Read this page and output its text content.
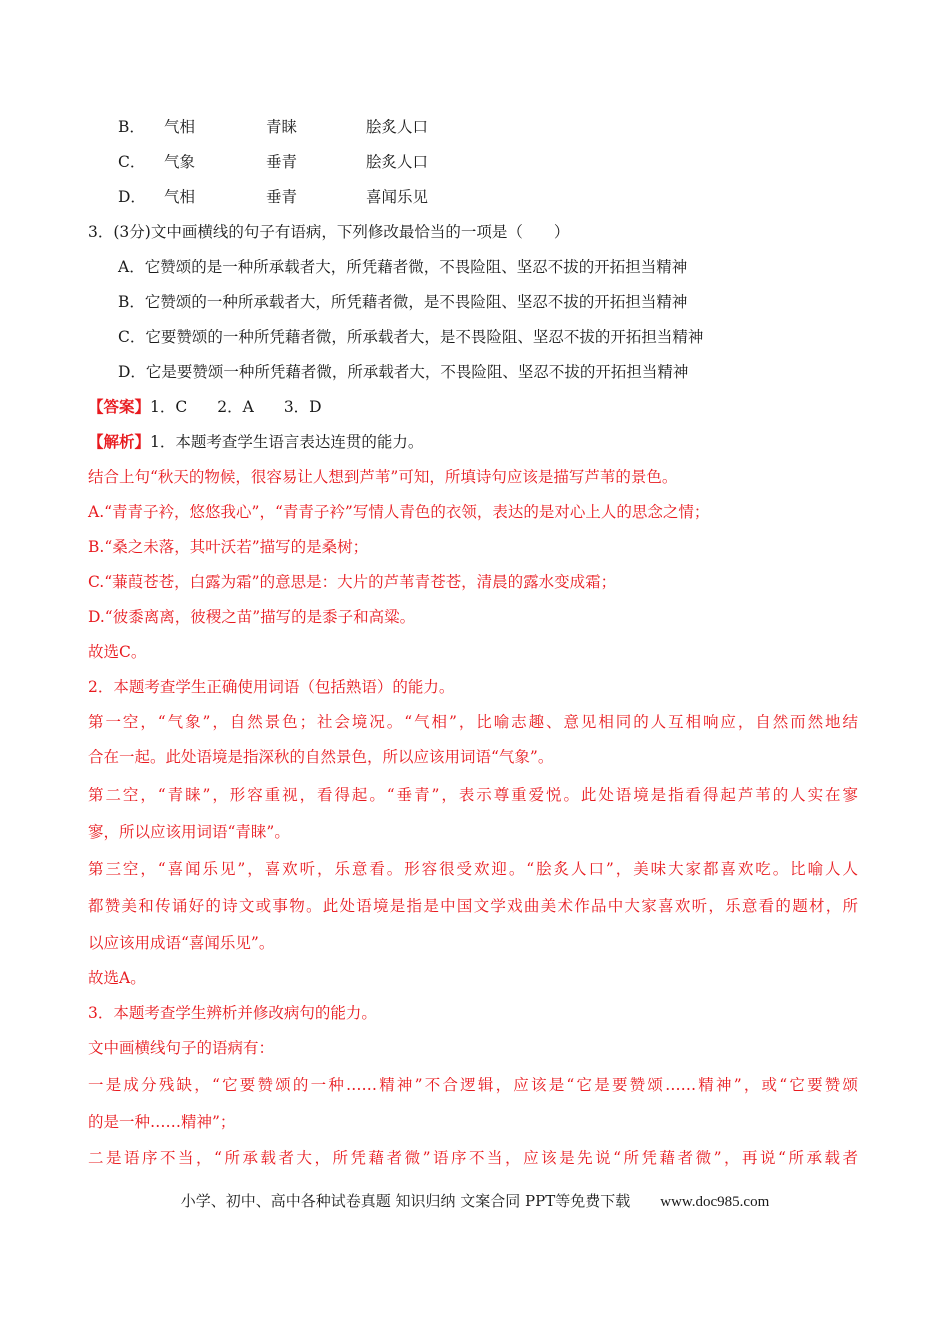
B． 气相	青睐	脍炙人口
C． 气象	垂青	脍炙人口
D． 气相	垂青	喜闻乐见
3．(3分)文中画横线的句子有语病，下列修改最恰当的一项是（　　）
A．它赞颂的是一种所承载者大，所凭藉者微，不畏险阻、坚忍不拔的开拓担当精神
B．它赞颂的一种所承载者大，所凭藉者微，是不畏险阻、坚忍不拔的开拓担当精神
C．它要赞颂的一种所凭藉者微，所承载者大，是不畏险阻、坚忍不拔的开拓担当精神
D．它是要赞颂一种所凭藉者微，所承载者大，不畏险阻、坚忍不拔的开拓担当精神
【答案】1．C 2．A 3．D
【解析】1．本题考查学生语言表达连贯的能力。
结合上句“秋天的物候，很容易让人想到芦苇”可知，所填诗句应该是描写芦苇的景色。
A.“青青子衿，悠悠我心”，“青青子衿”写情人青色的衣领，表达的是对心上人的思念之情；
B.“桑之未落，其叶沃若”描写的是桑树；
C.“蒹葭苍苍，白露为霜”的意思是：大片的芦苇青苍苍，清晨的露水变成霜；
D.“彼黍离离，彼稷之苗”描写的是黍子和高粱。
故选C。
2．本题考查学生正确使用词语（包括熟语）的能力。
第一空，“气象”，自然景色；社会境况。“气相”，比喻志趣、意见相同的人互相响应，自然而然地结
合在一起。此处语境是指深秋的自然景色，所以应该用词语“气象”。
第二空，“青睐”，形容重视，看得起。“垂青”，表示尊重爱悦。此处语境是指看得起芦苇的人实在寥
寥，所以应该用词语“青睐”。
第三空，“喜闻乐见”，喜欢听，乐意看。形容很受欢迎。“脍炙人口”，美味大家都喜欢吃。比喻人人
都赞美和传诵好的诗文或事物。此处语境是指是中国文学戏曲美术作品中大家喜欢听，乐意看的题材，所
以应该用成语“喜闻乐见”。
故选A。
3．本题考查学生辨析并修改病句的能力。
文中画横线句子的语病有：
一是成分残缺，“它要赞颂的一种……精神”不合逻辑，应该是“它是要赞颂……精神”，或“它要赞颂
的是一种……精神”；
二是语序不当，“所承载者大，所凭藉者微”语序不当，应该是先说“所凭藉者微”，再说“所承载者
小学、初中、高中各种试卷真题 知识归纳 文案合同 PPT等免费下载 www.doc985.com
